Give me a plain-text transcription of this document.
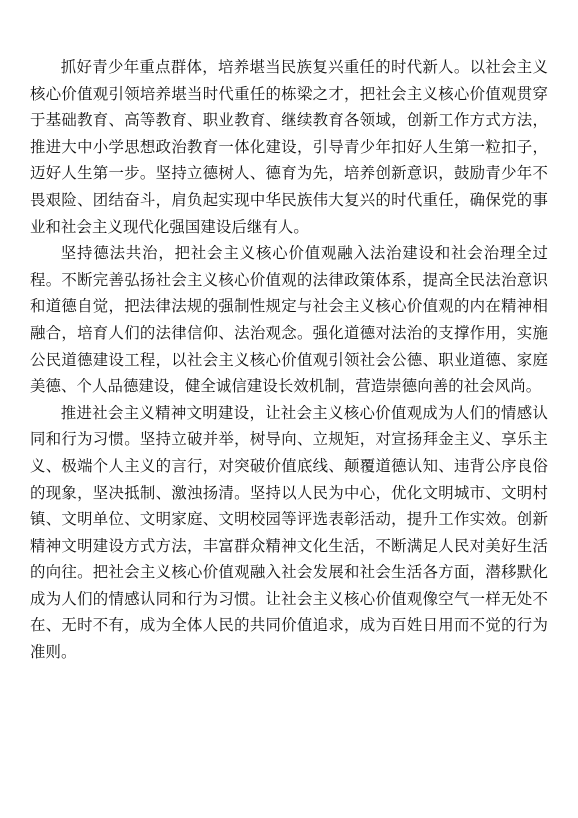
抓好青少年重点群体，培养堪当民族复兴重任的时代新人。以社会主义核心价值观引领培养堪当时代重任的栋梁之才，把社会主义核心价值观贯穿于基础教育、高等教育、职业教育、继续教育各领域，创新工作方式方法，推进大中小学思想政治教育一体化建设，引导青少年扣好人生第一粒扣子，迈好人生第一步。坚持立德树人、德育为先，培养创新意识，鼓励青少年不畏艰险、团结奋斗，肩负起实现中华民族伟大复兴的时代重任，确保党的事业和社会主义现代化强国建设后继有人。

坚持德法共治，把社会主义核心价值观融入法治建设和社会治理全过程。不断完善弘扬社会主义核心价值观的法律政策体系，提高全民法治意识和道德自觉，把法律法规的强制性规定与社会主义核心价值观的内在精神相融合，培育人们的法律信仰、法治观念。强化道德对法治的支撑作用，实施公民道德建设工程，以社会主义核心价值观引领社会公德、职业道德、家庭美德、个人品德建设，健全诚信建设长效机制，营造崇德向善的社会风尚。

推进社会主义精神文明建设，让社会主义核心价值观成为人们的情感认同和行为习惯。坚持立破并举，树导向、立规矩，对宣扬拜金主义、享乐主义、极端个人主义的言行，对突破价值底线、颠覆道德认知、违背公序良俗的现象，坚决抵制、激浊扬清。坚持以人民为中心，优化文明城市、文明村镇、文明单位、文明家庭、文明校园等评选表彰活动，提升工作实效。创新精神文明建设方式方法，丰富群众精神文化生活，不断满足人民对美好生活的向往。把社会主义核心价值观融入社会发展和社会生活各方面，潜移默化成为人们的情感认同和行为习惯。让社会主义核心价值观像空气一样无处不在、无时不有，成为全体人民的共同价值追求，成为百姓日用而不觉的行为准则。
